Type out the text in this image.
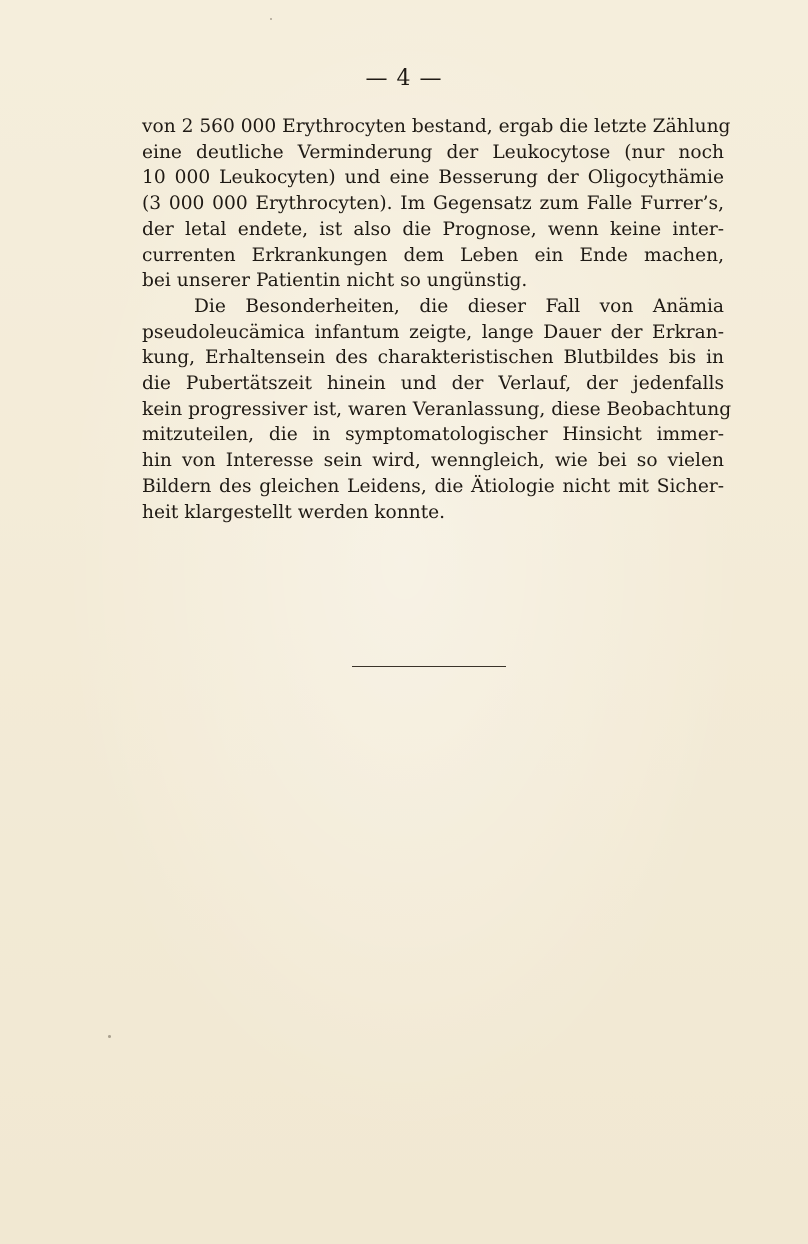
— 4 —
von 2 560 000 Erythrocyten bestand, ergab die letzte Zählung
eine deutliche Verminderung der Leukocytose (nur noch
10 000 Leukocyten) und eine Besserung der Oligocythämie
(3 000 000 Erythrocyten). Im Gegensatz zum Falle Furrer’s,
der letal endete, ist also die Prognose, wenn keine inter-
currenten Erkrankungen dem Leben ein Ende machen,
bei unserer Patientin nicht so ungünstig.
Die Besonderheiten, die dieser Fall von Anämia
pseudoleucämica infantum zeigte, lange Dauer der Erkran-
kung, Erhaltensein des charakteristischen Blutbildes bis in
die Pubertätszeit hinein und der Verlauf, der jedenfalls
kein progressiver ist, waren Veranlassung, diese Beobachtung
mitzuteilen, die in symptomatologischer Hinsicht immer-
hin von Interesse sein wird, wenngleich, wie bei so vielen
Bildern des gleichen Leidens, die Ätiologie nicht mit Sicher-
heit klargestellt werden konnte.
